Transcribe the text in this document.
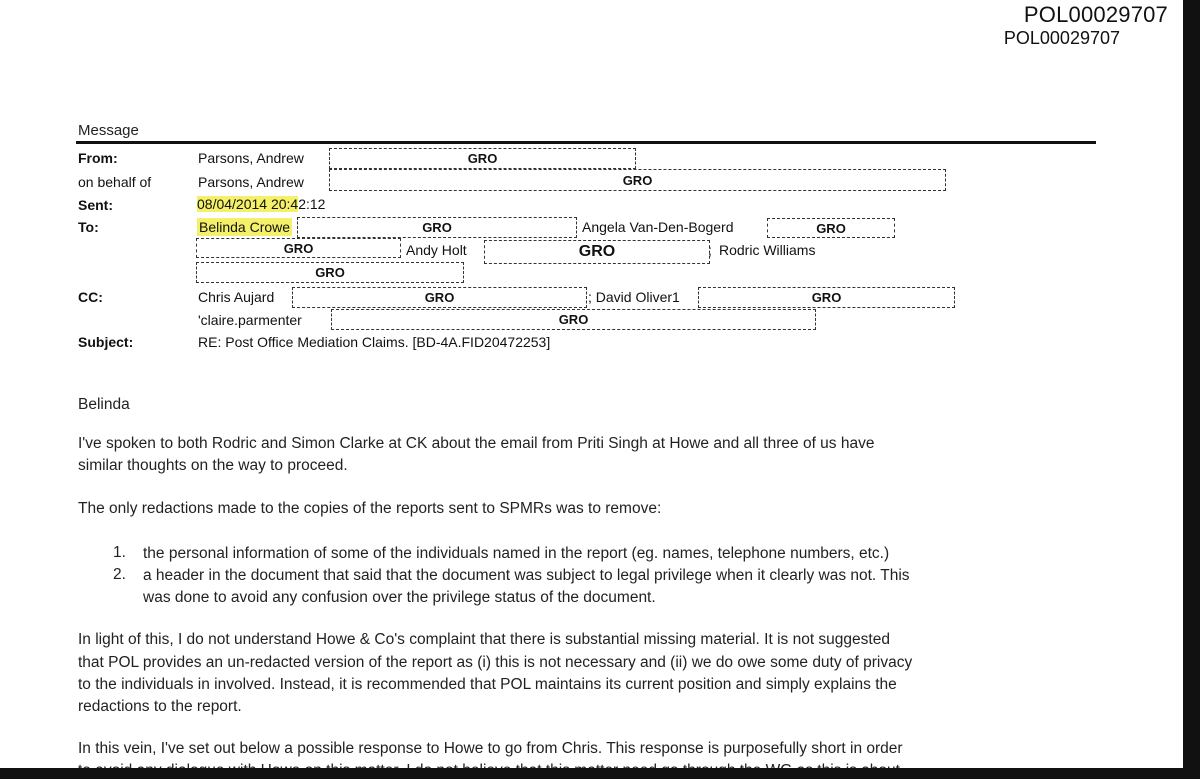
POL00029707
POL00029707
Message
From:	Parsons, Andrew	GRO
on behalf of	Parsons, Andrew	GRO
Sent:	08/04/2014 20:42:12
To:	Belinda Crowe	GRO	Angela Van-Den-Bogerd	GRO
GRO	Andy Holt	GRO	; Rodric Williams
GRO
CC:	Chris Aujard	GRO	; David Oliver1	GRO
'claire.parmenter	GRO
Subject:	RE: Post Office Mediation Claims. [BD-4A.FID20472253]
Belinda
I've spoken to both Rodric and Simon Clarke at CK about the email from Priti Singh at Howe and all three of us have
similar thoughts on the way to proceed.
The only redactions made to the copies of the reports sent to SPMRs was to remove:
1. the personal information of some of the individuals named in the report (eg. names, telephone numbers, etc.)
2. a header in the document that said that the document was subject to legal privilege when it clearly was not. This
was done to avoid any confusion over the privilege status of the document.
In light of this, I do not understand Howe & Co's complaint that there is substantial missing material. It is not suggested
that POL provides an un-redacted version of the report as (i) this is not necessary and (ii) we do owe some duty of privacy
to the individuals in involved. Instead, it is recommended that POL maintains its current position and simply explains the
redactions to the report.
In this vein, I've set out below a possible response to Howe to go from Chris. This response is purposefully short in order
